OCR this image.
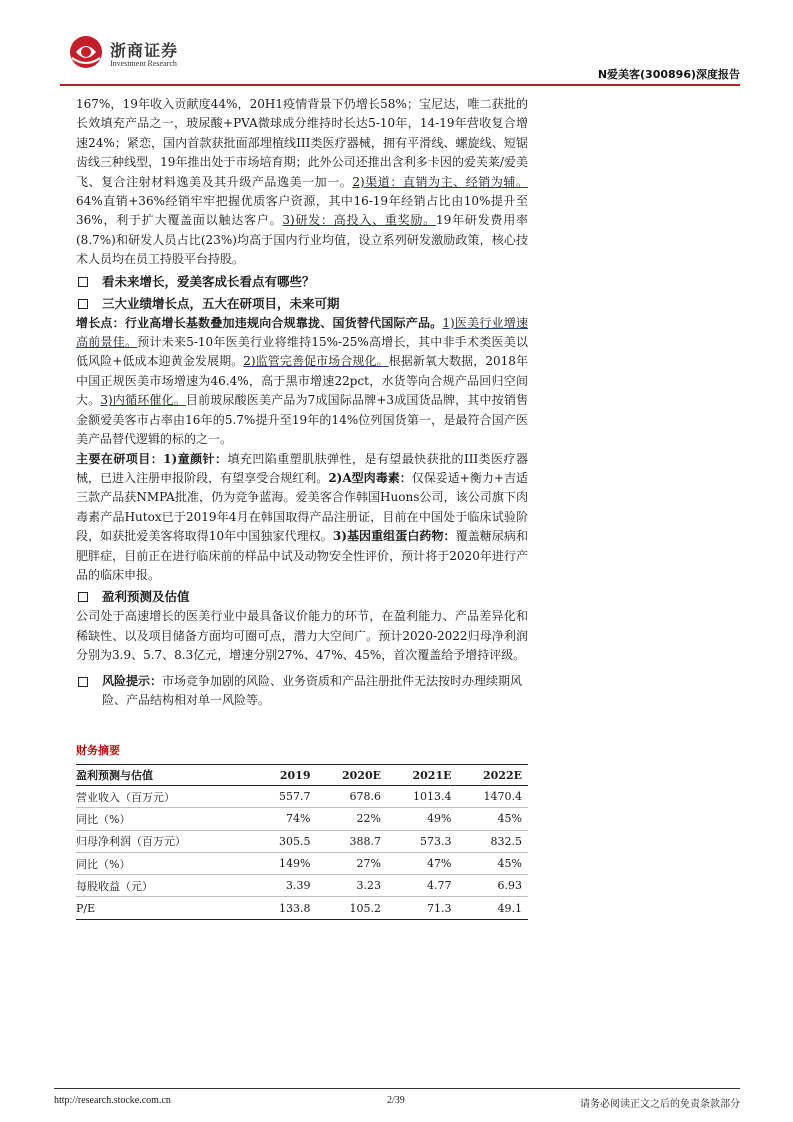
浙商证券
Investment Research
N爱美客(300896)深度报告

167%，19年收入贡献度44%，20H1疫情背景下仍增长58%；宝尼达，唯二获批的长效填充产品之一，玻尿酸+PVA微球成分维持时长达5-10年，14-19年营收复合增速24%；紧恋，国内首款获批面部埋植线III类医疗器械，拥有平滑线、螺旋线、短锯齿线三种线型，19年推出处于市场培育期；此外公司还推出含利多卡因的爱芙莱/爱美飞、复合注射材料逸美及其升级产品逸美一加一。2)渠道：直销为主、经销为辅。64%直销+36%经销牢牢把握优质客户资源，其中16-19年经销占比由10%提升至36%，利于扩大覆盖面以触达客户。3)研发：高投入、重奖励。19年研发费用率(8.7%)和研发人员占比(23%)均高于国内行业均值，设立系列研发激励政策，核心技术人员均在员工持股平台持股。

看未来增长，爱美客成长看点有哪些？
三大业绩增长点，五大在研项目，未来可期

增长点：行业高增长基数叠加违规向合规靠拢、国货替代国际产品。1)医美行业增速高前景佳。预计未来5-10年医美行业将维持15%-25%高增长，其中非手术类医美以低风险+低成本迎黄金发展期。2)监管完善促市场合规化。根据新氧大数据，2018年中国正规医美市场增速为46.4%，高于黑市增速22pct，水货等向合规产品回归空间大。3)内循环催化。目前玻尿酸医美产品为7成国际品牌+3成国货品牌，其中按销售金额爱美客市占率由16年的5.7%提升至19年的14%位列国货第一，是最符合国产医美产品替代逻辑的标的之一。

主要在研项目：1)童颜针：填充凹陷重塑肌肤弹性，是有望最快获批的III类医疗器械，已进入注册申报阶段，有望享受合规红利。2)A型肉毒素：仅保妥适+衡力+吉适三款产品获NMPA批准，仍为竞争蓝海。爱美客合作韩国Huons公司，该公司旗下肉毒素产品Hutox已于2019年4月在韩国取得产品注册证，目前在中国处于临床试验阶段，如获批爱美客将取得10年中国独家代理权。3)基因重组蛋白药物：覆盖糖尿病和肥胖症，目前正在进行临床前的样品中试及动物安全性评价，预计将于2020年进行产品的临床申报。

盈利预测及估值

公司处于高速增长的医美行业中最具备议价能力的环节，在盈利能力、产品差异化和稀缺性、以及项目储备方面均可圈可点，潜力大空间广。预计2020-2022归母净利润分别为3.9、5.7、8.3亿元，增速分别27%、47%、45%，首次覆盖给予增持评级。

风险提示：市场竞争加剧的风险、业务资质和产品注册批件无法按时办理续期风险、产品结构相对单一风险等。
财务摘要
盈利预测与估值	2019	2020E	2021E	2022E
营业收入（百万元）	557.7	678.6	1013.4	1470.4
同比（%）	74%	22%	49%	45%
归母净利润（百万元）	305.5	388.7	573.3	832.5
同比（%）	149%	27%	47%	45%
每股收益（元）	3.39	3.23	4.77	6.93
P/E	133.8	105.2	71.3	49.1
http://research.stocke.com.cn	2/39	请务必阅读正文之后的免责条款部分
